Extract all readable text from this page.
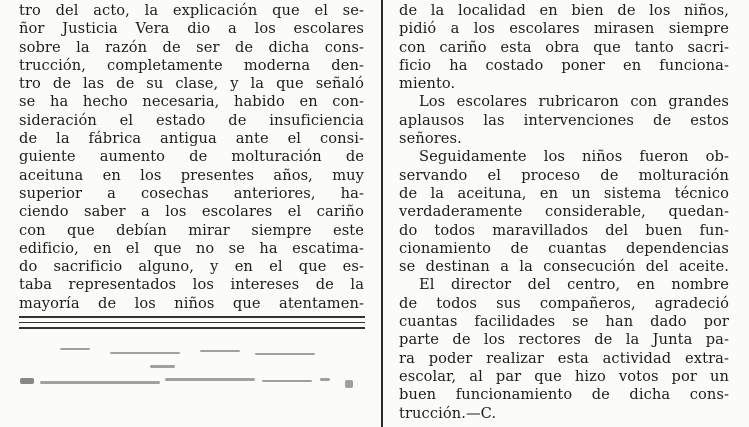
tro del acto, la explicación que el se-
ñor Justicia Vera dio a los escolares
sobre la razón de ser de dicha cons-
trucción, completamente moderna den-
tro de las de su clase, y la que señaló
se ha hecho necesaria, habido en con-
sideración el estado de insuficiencia
de la fábrica antigua ante el consi-
guiente aumento de molturación de
aceituna en los presentes años, muy
superior a cosechas anteriores, ha-
ciendo saber a los escolares el cariño
con que debían mirar siempre este
edificio, en el que no se ha escatima-
do sacrificio alguno, y en el que es-
taba representados los intereses de la
mayoría de los niños que atentamen-
de la localidad en bien de los niños,
pidió a los escolares mirasen siempre
con cariño esta obra que tanto sacri-
ficio ha costado poner en funciona-
miento.
Los escolares rubricaron con grandes
aplausos las intervenciones de estos
señores.
Seguidamente los niños fueron ob-
servando el proceso de molturación
de la aceituna, en un sistema técnico
verdaderamente considerable, quedan-
do todos maravillados del buen fun-
cionamiento de cuantas dependencias
se destinan a la consecución del aceite.
El director del centro, en nombre
de todos sus compañeros, agradeció
cuantas facilidades se han dado por
parte de los rectores de la Junta pa-
ra poder realizar esta actividad extra-
escolar, al par que hizo votos por un
buen funcionamiento de dicha cons-
trucción.—C.
